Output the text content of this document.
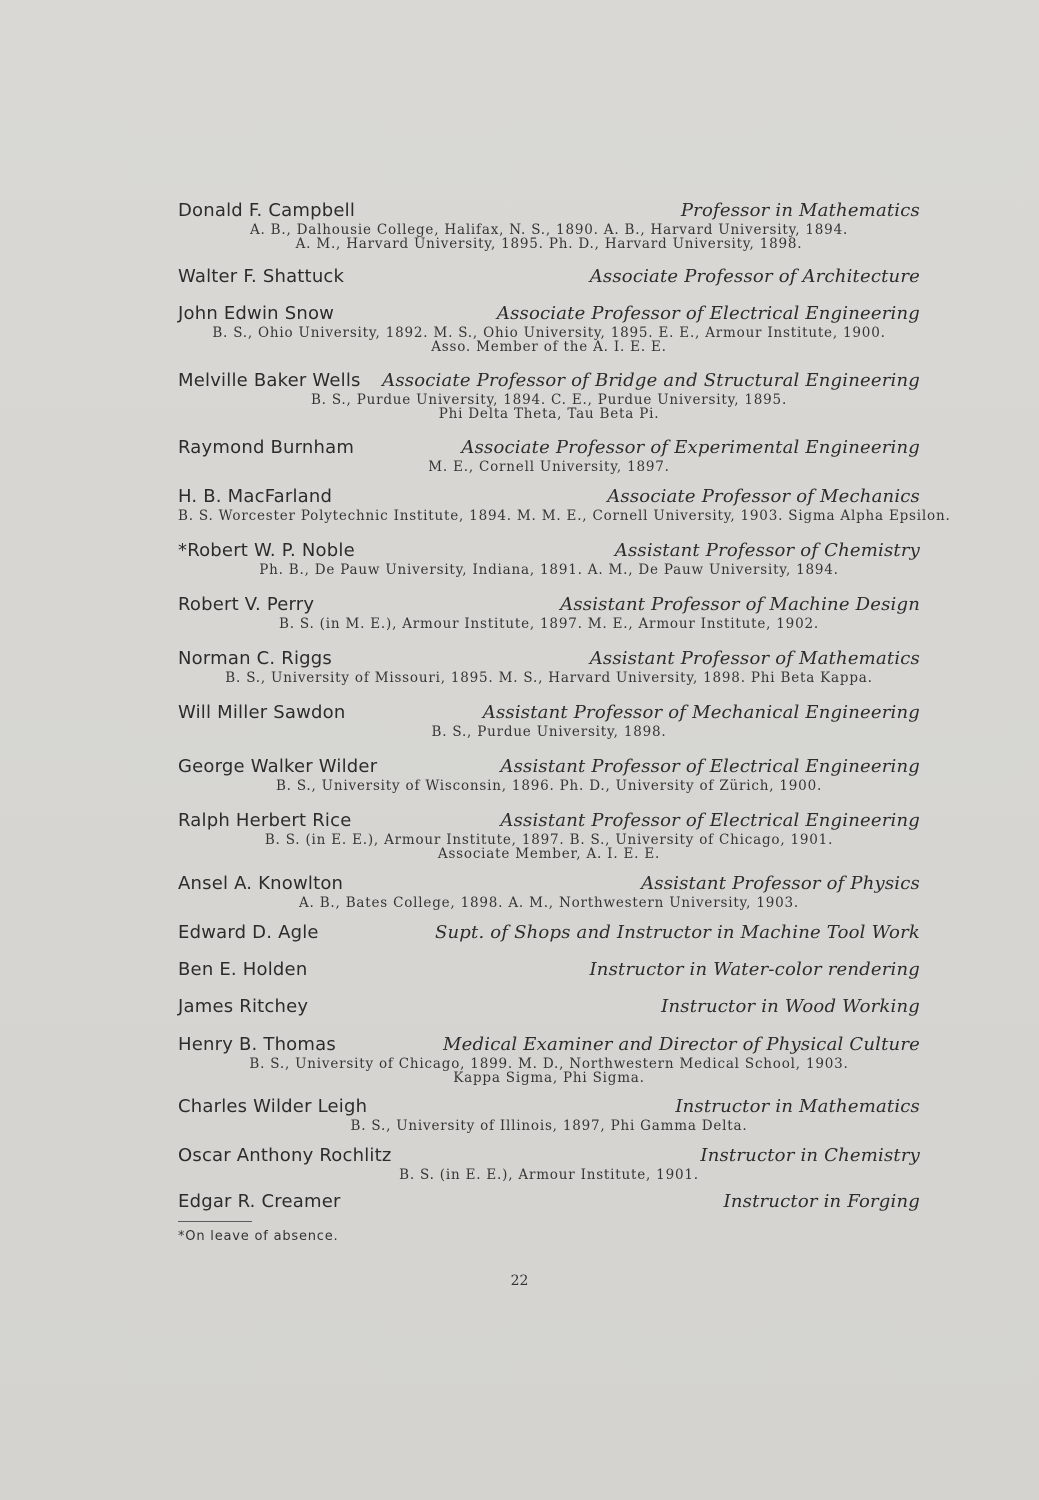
Donald F. Campbell	Professor in Mathematics
A. B., Dalhousie College, Halifax, N. S., 1890. A. B., Harvard University, 1894.
A. M., Harvard University, 1895. Ph. D., Harvard University, 1898.
Walter F. Shattuck	Associate Professor of Architecture
John Edwin Snow	Associate Professor of Electrical Engineering
B. S., Ohio University, 1892. M. S., Ohio University, 1895. E. E., Armour Institute, 1900.
Asso. Member of the A. I. E. E.
Melville Baker Wells Associate Professor of Bridge and Structural Engineering
B. S., Purdue University, 1894. C. E., Purdue University, 1895.
Phi Delta Theta, Tau Beta Pi.
Raymond Burnham	Associate Professor of Experimental Engineering
M. E., Cornell University, 1897.
H. B. MacFarland	Associate Professor of Mechanics
B. S. Worcester Polytechnic Institute, 1894. M. M. E., Cornell University, 1903. Sigma Alpha Epsilon.
*Robert W. P. Noble	Assistant Professor of Chemistry
Ph. B., De Pauw University, Indiana, 1891. A. M., De Pauw University, 1894.
Robert V. Perry	Assistant Professor of Machine Design
B. S. (in M. E.), Armour Institute, 1897. M. E., Armour Institute, 1902.
Norman C. Riggs	Assistant Professor of Mathematics
B. S., University of Missouri, 1895. M. S., Harvard University, 1898. Phi Beta Kappa.
Will Miller Sawdon	Assistant Professor of Mechanical Engineering
B. S., Purdue University, 1898.
George Walker Wilder	Assistant Professor of Electrical Engineering
B. S., University of Wisconsin, 1896. Ph. D., University of Zürich, 1900.
Ralph Herbert Rice	Assistant Professor of Electrical Engineering
B. S. (in E. E.), Armour Institute, 1897. B. S., University of Chicago, 1901.
Associate Member, A. I. E. E.
Ansel A. Knowlton	Assistant Professor of Physics
A. B., Bates College, 1898. A. M., Northwestern University, 1903.
Edward D. Agle	Supt. of Shops and Instructor in Machine Tool Work
Ben E. Holden	Instructor in Water-color rendering
James Ritchey	Instructor in Wood Working
Henry B. Thomas	Medical Examiner and Director of Physical Culture
B. S., University of Chicago, 1899. M. D., Northwestern Medical School, 1903.
Kappa Sigma, Phi Sigma.
Charles Wilder Leigh	Instructor in Mathematics
B. S., University of Illinois, 1897, Phi Gamma Delta.
Oscar Anthony Rochlitz	Instructor in Chemistry
B. S. (in E. E.), Armour Institute, 1901.
Edgar R. Creamer	Instructor in Forging
*On leave of absence.
22
